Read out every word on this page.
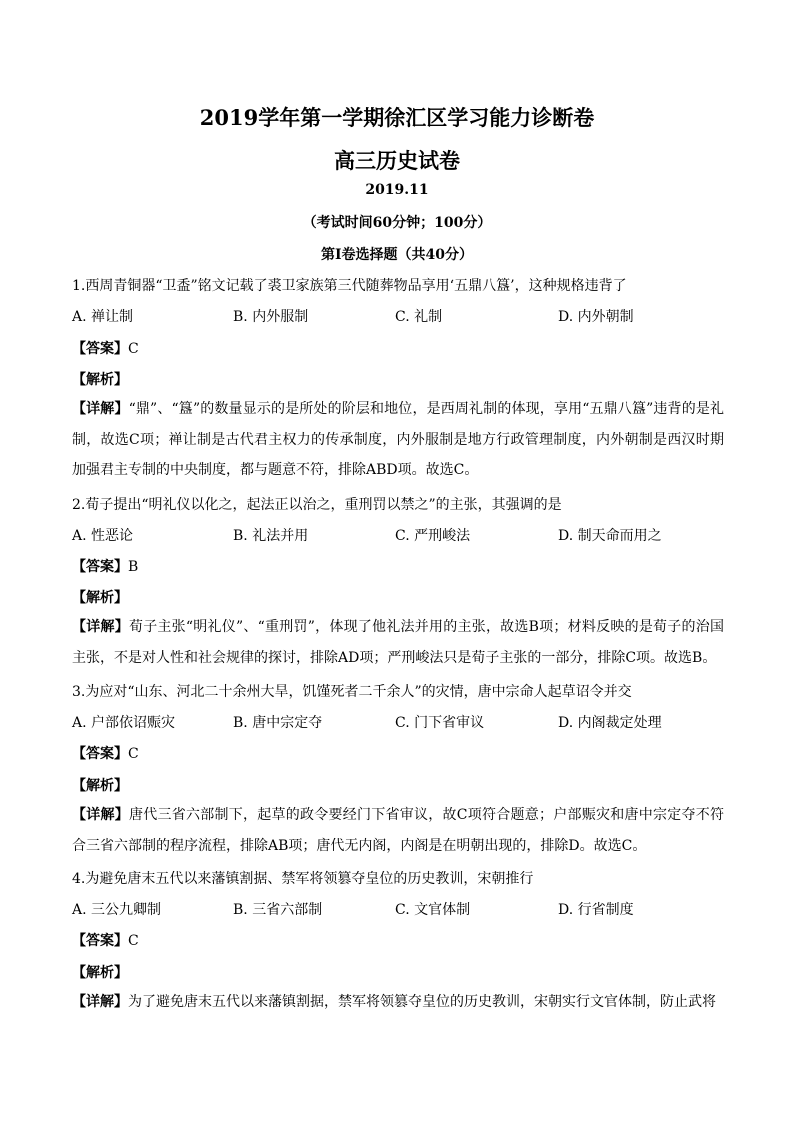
2019学年第一学期徐汇区学习能力诊断卷
高三历史试卷
2019.11
（考试时间60分钟；100分）
第I卷选择题（共40分）
1.西周青铜器“卫盉”铭文记载了裘卫家族第三代随葬物品享用‘五鼎八簋’，这种规格违背了
A. 禅让制	B. 内外服制	C. 礼制	D. 内外朝制
【答案】C
【解析】
【详解】“鼎”、“簋”的数量显示的是所处的阶层和地位，是西周礼制的体现，享用“五鼎八簋”违背的是礼制，故选C项；禅让制是古代君主权力的传承制度，内外服制是地方行政管理制度，内外朝制是西汉时期加强君主专制的中央制度，都与题意不符，排除ABD项。故选C。
2.荀子提出“明礼仪以化之，起法正以治之，重刑罚以禁之”的主张，其强调的是
A. 性恶论	B. 礼法并用	C. 严刑峻法	D. 制天命而用之
【答案】B
【解析】
【详解】荀子主张“明礼仪”、“重刑罚”，体现了他礼法并用的主张，故选B项；材料反映的是荀子的治国主张，不是对人性和社会规律的探讨，排除AD项；严刑峻法只是荀子主张的一部分，排除C项。故选B。
3.为应对“山东、河北二十余州大旱，饥馑死者二千余人”的灾情，唐中宗命人起草诏令并交
A. 户部依诏赈灾	B. 唐中宗定夺	C. 门下省审议	D. 内阁裁定处理
【答案】C
【解析】
【详解】唐代三省六部制下，起草的政令要经门下省审议，故C项符合题意；户部赈灾和唐中宗定夺不符合三省六部制的程序流程，排除AB项；唐代无内阁，内阁是在明朝出现的，排除D。故选C。
4.为避免唐末五代以来藩镇割据、禁军将领篡夺皇位的历史教训，宋朝推行
A. 三公九卿制	B. 三省六部制	C. 文官体制	D. 行省制度
【答案】C
【解析】
【详解】为了避免唐末五代以来藩镇割据，禁军将领篡夺皇位的历史教训，宋朝实行文官体制，防止武将
